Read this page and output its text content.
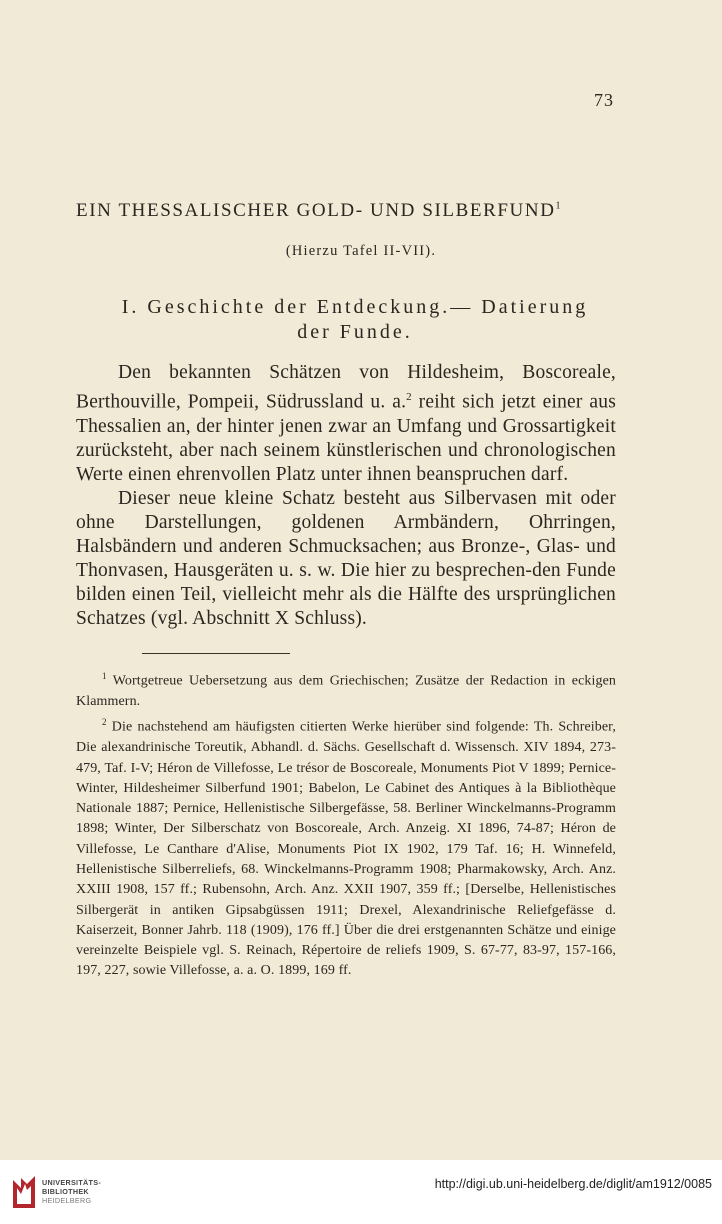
73
EIN THESSALISCHER GOLD- UND SILBERFUND$^1$
(Hierzu Tafel II-VII).
I. Geschichte der Entdeckung.— Datierung
der Funde.

Den bekannten Schätzen von Hildesheim, Boscoreale, Berthouville, Pompeii, Südrussland u. a.$^2$ reiht sich jetzt einer aus Thessalien an, der hinter jenen zwar an Umfang und Grossartigkeit zurücksteht, aber nach seinem künstlerischen und chronologischen Werte einen ehrenvollen Platz unter ihnen beanspruchen darf.

Dieser neue kleine Schatz besteht aus Silbervasen mit oder ohne Darstellungen, goldenen Armbändern, Ohrringen, Halsbändern und anderen Schmucksachen; aus Bronze-, Glas- und Thonvasen, Hausgeräten u. s. w. Die hier zu besprechen-den Funde bilden einen Teil, vielleicht mehr als die Hälfte des ursprünglichen Schatzes (vgl. Abschnitt X Schluss).

$^1$ Wortgetreue Uebersetzung aus dem Griechischen; Zusätze der Redaction in eckigen Klammern.

$^2$ Die nachstehend am häufigsten citierten Werke hierüber sind folgende: Th. Schreiber, Die alexandrinische Toreutik, Abhandl. d. Sächs. Gesellschaft d. Wissensch. XIV 1894, 273-479, Taf. I-V; Héron de Villefosse, Le trésor de Boscoreale, Monuments Piot V 1899; Pernice-Winter, Hildesheimer Silberfund 1901; Babelon, Le Cabinet des Antiques à la Bibliothèque Nationale 1887; Pernice, Hellenistische Silbergefässe, 58. Berliner Winckelmanns-Programm 1898; Winter, Der Silberschatz von Boscoreale, Arch. Anzeig. XI 1896, 74-87; Héron de Villefosse, Le Canthare d'Alise, Monuments Piot IX 1902, 179 Taf. 16; H. Winnefeld, Hellenistische Silberreliefs, 68. Winckelmanns-Programm 1908; Pharmakowsky, Arch. Anz. XXIII 1908, 157 ff.; Rubensohn, Arch. Anz. XXII 1907, 359 ff.; [Derselbe, Hellenistisches Silbergerät in antiken Gipsabgüssen 1911; Drexel, Alexandrinische Reliefgefässe d. Kaiserzeit, Bonner Jahrb. 118 (1909), 176 ff.] Über die drei erstgenannten Schätze und einige vereinzelte Beispiele vgl. S. Reinach, Répertoire de reliefs 1909, S. 67-77, 83-97, 157-166, 197, 227, sowie Villefosse, a. a. O. 1899, 169 ff.

UNIVERSITÄTS-
BIBLIOTHEK
HEIDELBERG
http://digi.ub.uni-heidelberg.de/diglit/am1912/0085
